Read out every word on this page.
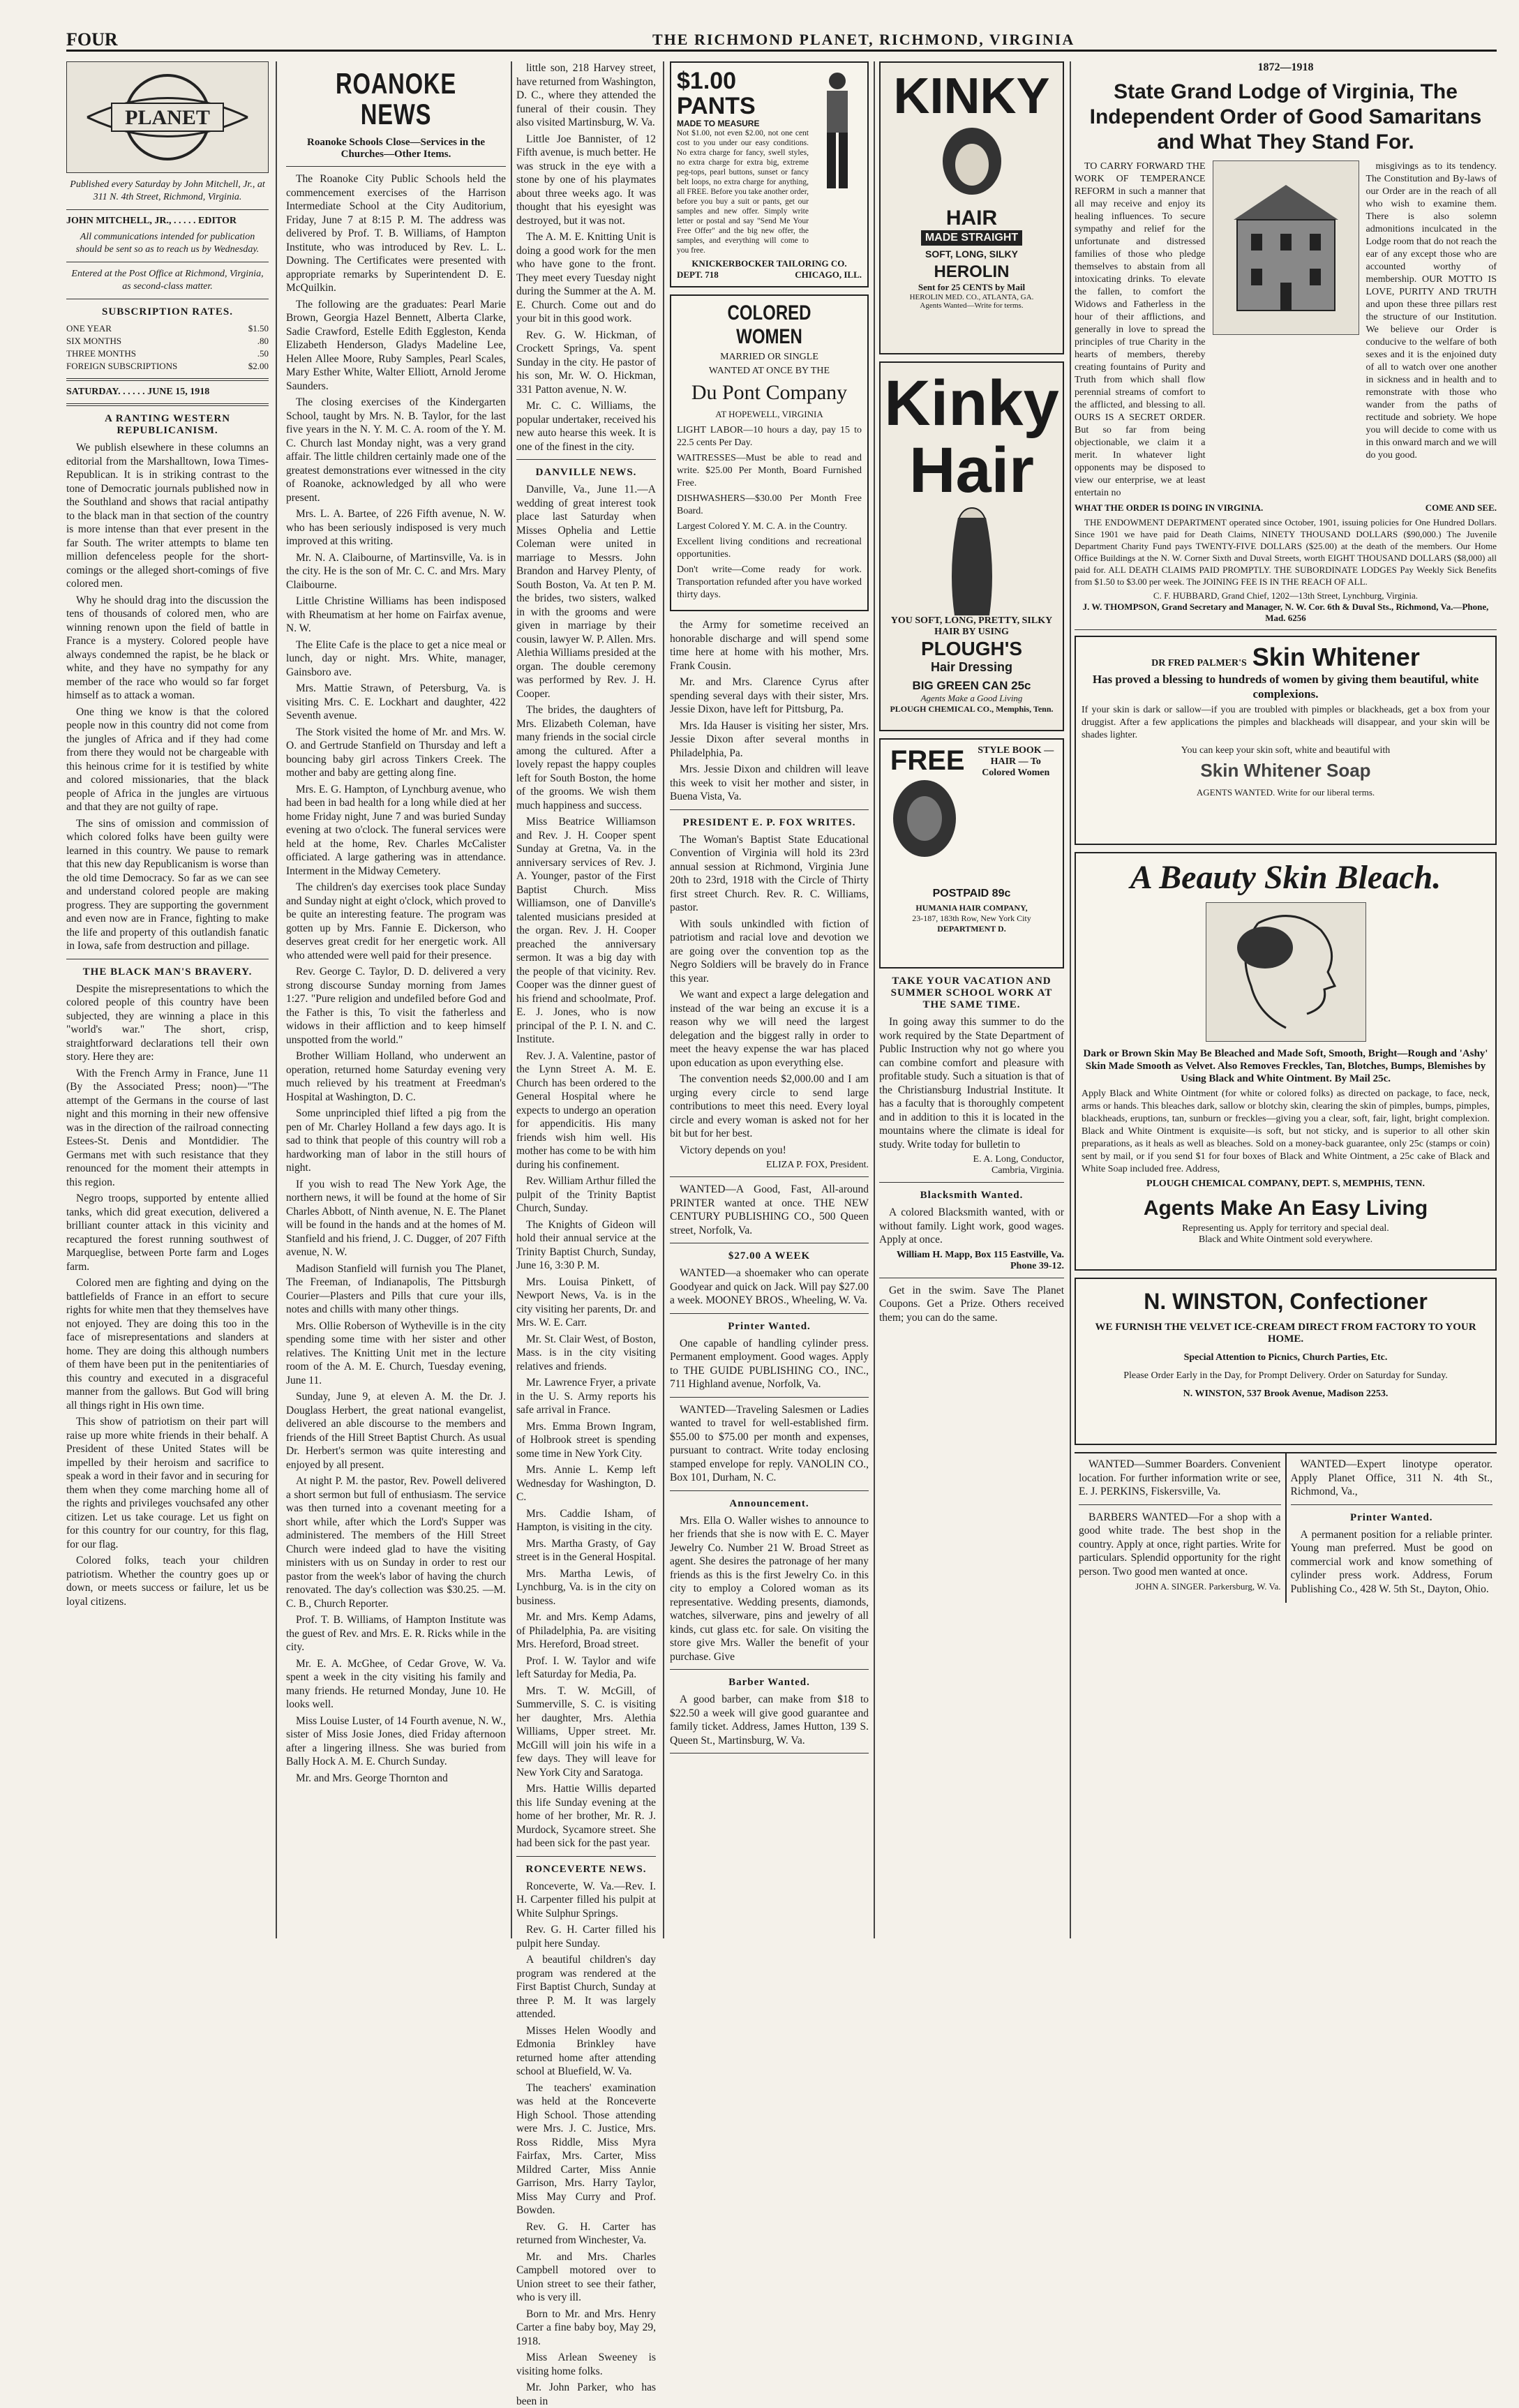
FOUR	THE RICHMOND PLANET, RICHMOND, VIRGINIA
PLANET
Published every Saturday by John Mitchell, Jr., at 311 N. 4th Street, Richmond, Virginia.
JOHN MITCHELL, JR., . . . . . EDITOR
All communications intended for publication should be sent so as to reach us by Wednesday.
Entered at the Post Office at Richmond, Virginia, as second-class matter.
SUBSCRIPTION RATES.
ONE YEAR	$1.50
SIX MONTHS	.80
THREE MONTHS	.50
FOREIGN SUBSCRIPTIONS	$2.00
SATURDAY. . . . . . JUNE 15, 1918
A RANTING WESTERN REPUBLICANISM.

We publish elsewhere in these columns an editorial from the Marshalltown, Iowa Times-Republican. It is in striking contrast to the tone of Democratic journals published now in the Southland and shows that racial antipathy to the black man in that section of the country is more intense than that ever present in the far South. The writer attempts to blame ten million defenceless people for the short-comings or the alleged short-comings of five colored men.

Why he should drag into the discussion the tens of thousands of colored men, who are winning renown upon the field of battle in France is a mystery. Colored people have always condemned the rapist, be he black or white, and they have no sympathy for any member of the race who would so far forget himself as to attack a woman.

One thing we know is that the colored people now in this country did not come from the jungles of Africa and if they had come from there they would not be chargeable with this heinous crime for it is testified by white and colored missionaries, that the black people of Africa in the jungles are virtuous and that they are not guilty of rape.

The sins of omission and commission of which colored folks have been guilty were learned in this country. We pause to remark that this new day Republicanism is worse than the old time Democracy. So far as we can see and understand colored people are making progress. They are supporting the government and even now are in France, fighting to make the life and property of this outlandish fanatic in Iowa, safe from destruction and pillage.

THE BLACK MAN'S BRAVERY.

Despite the misrepresentations to which the colored people of this country have been subjected, they are winning a place in this "world's war." The short, crisp, straightforward declarations tell their own story. Here they are:

With the French Army in France, June 11 (By the Associated Press; noon)—"The attempt of the Germans in the course of last night and this morning in their new offensive was in the direction of the railroad connecting Estees-St. Denis and Montdidier. The Germans met with such resistance that they renounced for the moment their attempts in this region.

Negro troops, supported by entente allied tanks, which did great execution, delivered a brilliant counter attack in this vicinity and recaptured the forest running southwest of Marqueglise, between Porte farm and Loges farm.

Colored men are fighting and dying on the battlefields of France in an effort to secure rights for white men that they themselves have not enjoyed. They are doing this too in the face of misrepresentations and slanders at home. They are doing this although numbers of them have been put in the penitentiaries of this country and executed in a disgraceful manner from the gallows. But God will bring all things right in His own time.

This show of patriotism on their part will raise up more white friends in their behalf. A President of these United States will be impelled by their heroism and sacrifice to speak a word in their favor and in securing for them when they come marching home all of the rights and privileges vouchsafed any other citizen. Let us take courage. Let us fight on for this country for our country, for this flag, for our flag.

Colored folks, teach your children patriotism. Whether the country goes up or down, or meets success or failure, let us be loyal citizens.

ROANOKE NEWS
Roanoke Schools Close—Services in the Churches—Other Items.

The Roanoke City Public Schools held the commencement exercises of the Harrison Intermediate School at the City Auditorium, Friday, June 7 at 8:15 P. M. The address was delivered by Prof. T. B. Williams, of Hampton Institute, who was introduced by Rev. L. L. Downing. The Certificates were presented with appropriate remarks by Superintendent D. E. McQuilkin.

The following are the graduates: Pearl Marie Brown, Georgia Hazel Bennett, Alberta Clarke, Sadie Crawford, Estelle Edith Eggleston, Kenda Elizabeth Henderson, Gladys Madeline Lee, Helen Allee Moore, Ruby Samples, Pearl Scales, Mary Esther White, Walter Elliott, Arnold Jerome Saunders.

The closing exercises of the Kindergarten School, taught by Mrs. N. B. Taylor, for the last five years in the N. Y. M. C. A. room of the Y. M. C. Church last Monday night, was a very grand affair. The little children certainly made one of the greatest demonstrations ever witnessed in the city of Roanoke, acknowledged by all who were present.

Mrs. L. A. Bartee, of 226 Fifth avenue, N. W. who has been seriously indisposed is very much improved at this writing.

Mr. N. A. Claibourne, of Martinsville, Va. is in the city. He is the son of Mr. C. C. and Mrs. Mary Claibourne.

Little Christine Williams has been indisposed with Rheumatism at her home on Fairfax avenue, N. W.

The Elite Cafe is the place to get a nice meal or lunch, day or night. Mrs. White, manager, Gainsboro ave.

Mrs. Mattie Strawn, of Petersburg, Va. is visiting Mrs. C. E. Lockhart and daughter, 422 Seventh avenue.

The Stork visited the home of Mr. and Mrs. W. O. and Gertrude Stanfield on Thursday and left a bouncing baby girl across Tinkers Creek. The mother and baby are getting along fine.

Mrs. E. G. Hampton, of Lynchburg avenue, who had been in bad health for a long while died at her home Friday night, June 7 and was buried Sunday evening at two o'clock. The funeral services were held at the home, Rev. Charles McCalister officiated. A large gathering was in attendance. Interment in the Midway Cemetery.

The children's day exercises took place Sunday and Sunday night at eight o'clock, which proved to be quite an interesting feature. The program was gotten up by Mrs. Fannie E. Dickerson, who deserves great credit for her energetic work. All who attended were well paid for their presence.

Rev. George C. Taylor, D. D. delivered a very strong discourse Sunday morning from James 1:27. "Pure religion and undefiled before God and the Father is this, To visit the fatherless and widows in their affliction and to keep himself unspotted from the world."

Brother William Holland, who underwent an operation, returned home Saturday evening very much relieved by his treatment at Freedman's Hospital at Washington, D. C.

Some unprincipled thief lifted a pig from the pen of Mr. Charley Holland a few days ago. It is sad to think that people of this country will rob a hardworking man of labor in the still hours of night.

If you wish to read The New York Age, the northern news, it will be found at the home of Sir Charles Abbott, of Ninth avenue, N. E. The Planet will be found in the hands and at the homes of M. Stanfield and his friend, J. C. Dugger, of 207 Fifth avenue, N. W.

Madison Stanfield will furnish you The Planet, The Freeman, of Indianapolis, The Pittsburgh Courier—Plasters and Pills that cure your ills, notes and chills with many other things.

Mrs. Ollie Roberson of Wytheville is in the city spending some time with her sister and other relatives. The Knitting Unit met in the lecture room of the A. M. E. Church, Tuesday evening, June 11.

Sunday, June 9, at eleven A. M. the Dr. J. Douglass Herbert, the great national evangelist, delivered an able discourse to the members and friends of the Hill Street Baptist Church. As usual Dr. Herbert's sermon was quite interesting and enjoyed by all present.

At night P. M. the pastor, Rev. Powell delivered a short sermon but full of enthusiasm. The service was then turned into a covenant meeting for a short while, after which the Lord's Supper was administered. The members of the Hill Street Church were indeed glad to have the visiting ministers with us on Sunday in order to rest our pastor from the week's labor of having the church renovated. The day's collection was $30.25. —M. C. B., Church Reporter.

Prof. T. B. Williams, of Hampton Institute was the guest of Rev. and Mrs. E. R. Ricks while in the city.

Mr. E. A. McGhee, of Cedar Grove, W. Va. spent a week in the city visiting his family and many friends. He returned Monday, June 10. He looks well.

Miss Louise Luster, of 14 Fourth avenue, N. W., sister of Miss Josie Jones, died Friday afternoon after a lingering illness. She was buried from Bally Hock A. M. E. Church Sunday.

Mr. and Mrs. George Thornton and

little son, 218 Harvey street, have returned from Washington, D. C., where they attended the funeral of their cousin. They also visited Martinsburg, W. Va.

Little Joe Bannister, of 12 Fifth avenue, is much better. He was struck in the eye with a stone by one of his playmates about three weeks ago. It was thought that his eyesight was destroyed, but it was not.

The A. M. E. Knitting Unit is doing a good work for the men who have gone to the front. They meet every Tuesday night during the Summer at the A. M. E. Church. Come out and do your bit in this good work.

Rev. G. W. Hickman, of Crockett Springs, Va. spent Sunday in the city. He pastor of his son, Mr. W. O. Hickman, 331 Patton avenue, N. W.

Mr. C. C. Williams, the popular undertaker, received his new auto hearse this week. It is one of the finest in the city.

DANVILLE NEWS.

Danville, Va., June 11.—A wedding of great interest took place last Saturday when Misses Ophelia and Lettie Coleman were united in marriage to Messrs. John Brandon and Harvey Plenty, of South Boston, Va. At ten P. M. the brides, two sisters, walked in with the grooms and were given in marriage by their cousin, lawyer W. P. Allen. Mrs. Alethia Williams presided at the organ. The double ceremony was performed by Rev. J. H. Cooper.

The brides, the daughters of Mrs. Elizabeth Coleman, have many friends in the social circle among the cultured. After a lovely repast the happy couples left for South Boston, the home of the grooms. We wish them much happiness and success.

Miss Beatrice Williamson and Rev. J. H. Cooper spent Sunday at Gretna, Va. in the anniversary services of Rev. J. A. Younger, pastor of the First Baptist Church. Miss Williamson, one of Danville's talented musicians presided at the organ. Rev. J. H. Cooper preached the anniversary sermon. It was a big day with the people of that vicinity. Rev. Cooper was the dinner guest of his friend and schoolmate, Prof. E. J. Jones, who is now principal of the P. I. N. and C. Institute.

Rev. J. A. Valentine, pastor of the Lynn Street A. M. E. Church has been ordered to the General Hospital where he expects to undergo an operation for appendicitis. His many friends wish him well. His mother has come to be with him during his confinement.

Rev. William Arthur filled the pulpit of the Trinity Baptist Church, Sunday.

The Knights of Gideon will hold their annual service at the Trinity Baptist Church, Sunday, June 16, 3:30 P. M.

Mrs. Louisa Pinkett, of Newport News, Va. is in the city visiting her parents, Dr. and Mrs. W. E. Carr.

Mr. St. Clair West, of Boston, Mass. is in the city visiting relatives and friends.

Mr. Lawrence Fryer, a private in the U. S. Army reports his safe arrival in France.

Mrs. Emma Brown Ingram, of Holbrook street is spending some time in New York City.

Mrs. Annie L. Kemp left Wednesday for Washington, D. C.

Mrs. Caddie Isham, of Hampton, is visiting in the city.

Mrs. Martha Grasty, of Gay street is in the General Hospital.

Mrs. Martha Lewis, of Lynchburg, Va. is in the city on business.

Mr. and Mrs. Kemp Adams, of Philadelphia, Pa. are visiting Mrs. Hereford, Broad street.

Prof. I. W. Taylor and wife left Saturday for Media, Pa.

Mrs. T. W. McGill, of Summerville, S. C. is visiting her daughter, Mrs. Alethia Williams, Upper street. Mr. McGill will join his wife in a few days. They will leave for New York City and Saratoga.

Mrs. Hattie Willis departed this life Sunday evening at the home of her brother, Mr. R. J. Murdock, Sycamore street. She had been sick for the past year.

RONCEVERTE NEWS.

Ronceverte, W. Va.—Rev. I. H. Carpenter filled his pulpit at White Sulphur Springs.

Rev. G. H. Carter filled his pulpit here Sunday.

A beautiful children's day program was rendered at the First Baptist Church, Sunday at three P. M. It was largely attended.

Misses Helen Woodly and Edmonia Brinkley have returned home after attending school at Bluefield, W. Va.

The teachers' examination was held at the Ronceverte High School. Those attending were Mrs. J. C. Justice, Mrs. Ross Riddle, Miss Myra Fairfax, Mrs. Carter, Miss Mildred Carter, Miss Annie Garrison, Mrs. Harry Taylor, Miss May Curry and Prof. Bowden.

Rev. G. H. Carter has returned from Winchester, Va.

Mr. and Mrs. Charles Campbell motored over to Union street to see their father, who is very ill.

Born to Mr. and Mrs. Henry Carter a fine baby boy, May 29, 1918.

Miss Arlean Sweeney is visiting home folks.

Mr. John Parker, who has been in

$1.00 PANTS
MADE TO MEASURE

Not $1.00, not even $2.00, not one cent cost to you under our easy conditions. No extra charge for fancy, swell styles, no extra charge for extra big, extreme peg-tops, pearl buttons, sunset or fancy belt loops, no extra charge for anything, all FREE. Before you take another order, before you buy a suit or pants, get our samples and new offer. Simply write letter or postal and say "Send Me Your Free Offer" and the big new offer, the samples, and everything will come to you free.

KNICKERBOCKER TAILORING CO.
DEPT. 718	CHICAGO, ILL.
COLORED WOMEN
MARRIED OR SINGLE
WANTED AT ONCE BY THE
Du Pont Company
AT HOPEWELL, VIRGINIA

LIGHT LABOR—10 hours a day, pay 15 to 22.5 cents Per Day.

WAITRESSES—Must be able to read and write. $25.00 Per Month, Board Furnished Free.

DISHWASHERS—$30.00 Per Month Free Board.

Largest Colored Y. M. C. A. in the Country.

Excellent living conditions and recreational opportunities.

Don't write—Come ready for work. Transportation refunded after you have worked thirty days.

the Army for sometime received an honorable discharge and will spend some time here at home with his mother, Mrs. Frank Cousin.

Mr. and Mrs. Clarence Cyrus after spending several days with their sister, Mrs. Jessie Dixon, have left for Pittsburg, Pa.

Mrs. Ida Hauser is visiting her sister, Mrs. Jessie Dixon after several months in Philadelphia, Pa.

Mrs. Jessie Dixon and children will leave this week to visit her mother and sister, in Buena Vista, Va.

PRESIDENT E. P. FOX WRITES.

The Woman's Baptist State Educational Convention of Virginia will hold its 23rd annual session at Richmond, Virginia June 20th to 23rd, 1918 with the Circle of Thirty first street Church. Rev. R. C. Williams, pastor.

With souls unkindled with fiction of patriotism and racial love and devotion we are going over the convention top as the Negro Soldiers will be bravely do in France this year.

We want and expect a large delegation and instead of the war being an excuse it is a reason why we will need the largest delegation and the biggest rally in order to meet the heavy expense the war has placed upon education as upon everything else.

The convention needs $2,000.00 and I am urging every circle to send large contributions to meet this need. Every loyal circle and every woman is asked not for her bit but for her best.

Victory depends on you!

ELIZA P. FOX, President.

WANTED—A Good, Fast, All-around PRINTER wanted at once. THE NEW CENTURY PUBLISHING CO., 500 Queen street, Norfolk, Va.

$27.00 A WEEK

WANTED—a shoemaker who can operate Goodyear and quick on Jack. Will pay $27.00 a week. MOONEY BROS., Wheeling, W. Va.

Printer Wanted.

One capable of handling cylinder press. Permanent employment. Good wages. Apply to THE GUIDE PUBLISHING CO., INC., 711 Highland avenue, Norfolk, Va.

WANTED—Traveling Salesmen or Ladies wanted to travel for well-established firm. $55.00 to $75.00 per month and expenses, pursuant to contract. Write today enclosing stamped envelope for reply. VANOLIN CO., Box 101, Durham, N. C.

Announcement.

Mrs. Ella O. Waller wishes to announce to her friends that she is now with E. C. Mayer Jewelry Co. Number 21 W. Broad Street as agent. She desires the patronage of her many friends as this is the first Jewelry Co. in this city to employ a Colored woman as its representative. Wedding presents, diamonds, watches, silverware, pins and jewelry of all kinds, cut glass etc. for sale. On visiting the store give Mrs. Waller the benefit of your purchase. Give

Barber Wanted.

A good barber, can make from $18 to $22.50 a week will give good guarantee and family ticket. Address, James Hutton, 139 S. Queen St., Martinsburg, W. Va.

KINKY
HAIR
MADE STRAIGHT
SOFT, LONG, SILKY
HEROLIN
Sent for 25 CENTS by Mail
HEROLIN MED. CO., ATLANTA, GA.
Agents Wanted—Write for terms.
Kinky
Hair
YOU SOFT, LONG, PRETTY, SILKY HAIR BY USING
PLOUGH'S
Hair Dressing
BIG GREEN CAN 25c
Agents Make a Good Living
PLOUGH CHEMICAL CO., Memphis, Tenn.
FREE	STYLE BOOK — HAIR — To Colored Women
POSTPAID 89c
HUMANIA HAIR COMPANY,
23-187, 183th Row, New York City
DEPARTMENT D.
TAKE YOUR VACATION AND SUMMER SCHOOL WORK AT THE SAME TIME.

In going away this summer to do the work required by the State Department of Public Instruction why not go where you can combine comfort and pleasure with profitable study. Such a situation is that of the Christiansburg Industrial Institute. It has a faculty that is thoroughly competent and in addition to this it is located in the mountains where the climate is ideal for study. Write today for bulletin to

E. A. Long, Conductor,
Cambria, Virginia.
Blacksmith Wanted.

A colored Blacksmith wanted, with or without family. Light work, good wages. Apply at once.

William H. Mapp, Box 115 Eastville, Va. Phone 39-12.

Get in the swim. Save The Planet Coupons. Get a Prize. Others received them; you can do the same.

1872—1918
State Grand Lodge of Virginia, The Independent Order of Good Samaritans and What They Stand For.

TO CARRY FORWARD THE WORK OF TEMPERANCE REFORM in such a manner that all may receive and enjoy its healing influences. To secure sympathy and relief for the unfortunate and distressed families of those who pledge themselves to abstain from all intoxicating drinks. To elevate the fallen, to comfort the Widows and Fatherless in the hour of their afflictions, and generally in love to spread the principles of true Charity in the hearts of members, thereby creating fountains of Purity and Truth from which shall flow perennial streams of comfort to the afflicted, and blessing to all. OURS IS A SECRET ORDER. But so far from being objectionable, we claim it a merit. In whatever light opponents may be disposed to view our enterprise, we at least entertain no

misgivings as to its tendency. The Constitution and By-laws of our Order are in the reach of all who wish to examine them. There is also solemn admonitions inculcated in the Lodge room that do not reach the ear of any except those who are accounted worthy of membership. OUR MOTTO IS LOVE, PURITY AND TRUTH and upon these three pillars rest the structure of our Institution. We believe our Order is conducive to the welfare of both sexes and it is the enjoined duty of all to watch over one another in sickness and in health and to remonstrate with those who wander from the paths of rectitude and sobriety. We hope you will decide to come with us in this onward march and we will do you good.

WHAT THE ORDER IS DOING IN VIRGINIA.	COME AND SEE.

THE ENDOWMENT DEPARTMENT operated since October, 1901, issuing policies for One Hundred Dollars. Since 1901 we have paid for Death Claims, NINETY THOUSAND DOLLARS ($90,000.) The Juvenile Department Charity Fund pays TWENTY-FIVE DOLLARS ($25.00) at the death of the members. Our Home Office Buildings at the N. W. Corner Sixth and Duval Streets, worth EIGHT THOUSAND DOLLARS ($8,000) all paid for. ALL DEATH CLAIMS PAID PROMPTLY. THE SUBORDINATE LODGES Pay Weekly Sick Benefits from $1.50 to $3.00 per week. The JOINING FEE IS IN THE REACH OF ALL.

C. F. HUBBARD, Grand Chief, 1202—13th Street, Lynchburg, Virginia.
J. W. THOMPSON, Grand Secretary and Manager, N. W. Cor. 6th & Duval Sts., Richmond, Va.—Phone, Mad. 6256
DR FRED PALMER'S Skin Whitener

Has proved a blessing to hundreds of women by giving them beautiful, white complexions.

If your skin is dark or sallow—if you are troubled with pimples or blackheads, get a box from your druggist. After a few applications the pimples and blackheads will disappear, and your skin will be shades lighter.

You can keep your skin soft, white and beautiful with

Skin Whitener Soap
AGENTS WANTED. Write for our liberal terms.
A Beauty Skin Bleach.

Dark or Brown Skin May Be Bleached and Made Soft, Smooth, Bright—Rough and 'Ashy' Skin Made Smooth as Velvet. Also Removes Freckles, Tan, Blotches, Bumps, Blemishes by Using Black and White Ointment. By Mail 25c.

Apply Black and White Ointment (for white or colored folks) as directed on package, to face, neck, arms or hands. This bleaches dark, sallow or blotchy skin, clearing the skin of pimples, bumps, pimples, blackheads, eruptions, tan, sunburn or freckles—giving you a clear, soft, fair, light, bright complexion. Black and White Ointment is exquisite—is soft, but not sticky, and is superior to all other skin preparations, as it heals as well as bleaches. Sold on a money-back guarantee, only 25c (stamps or coin) sent by mail, or if you send $1 for four boxes of Black and White Ointment, a 25c cake of Black and White Soap included free. Address,

PLOUGH CHEMICAL COMPANY, DEPT. S, MEMPHIS, TENN.
Agents Make An Easy Living
Representing us. Apply for territory and special deal.
Black and White Ointment sold everywhere.
N. WINSTON, Confectioner
WE FURNISH THE VELVET ICE-CREAM DIRECT FROM FACTORY TO YOUR HOME.
Special Attention to Picnics, Church Parties, Etc.
Please Order Early in the Day, for Prompt Delivery. Order on Saturday for Sunday.
N. WINSTON, 537 Brook Avenue, Madison 2253.

WANTED—Summer Boarders. Convenient location. For further information write or see, E. J. PERKINS, Fiskersville, Va.

BARBERS WANTED—For a shop with a good white trade. The best shop in the country. Apply at once, right parties. Write for particulars. Splendid opportunity for the right person. Two good men wanted at once.

JOHN A. SINGER. Parkersburg, W. Va.

WANTED—Expert linotype operator. Apply Planet Office, 311 N. 4th St., Richmond, Va.,

Printer Wanted.

A permanent position for a reliable printer. Young man preferred. Must be good on commercial work and know something of cylinder press work. Address, Forum Publishing Co., 428 W. 5th St., Dayton, Ohio.
